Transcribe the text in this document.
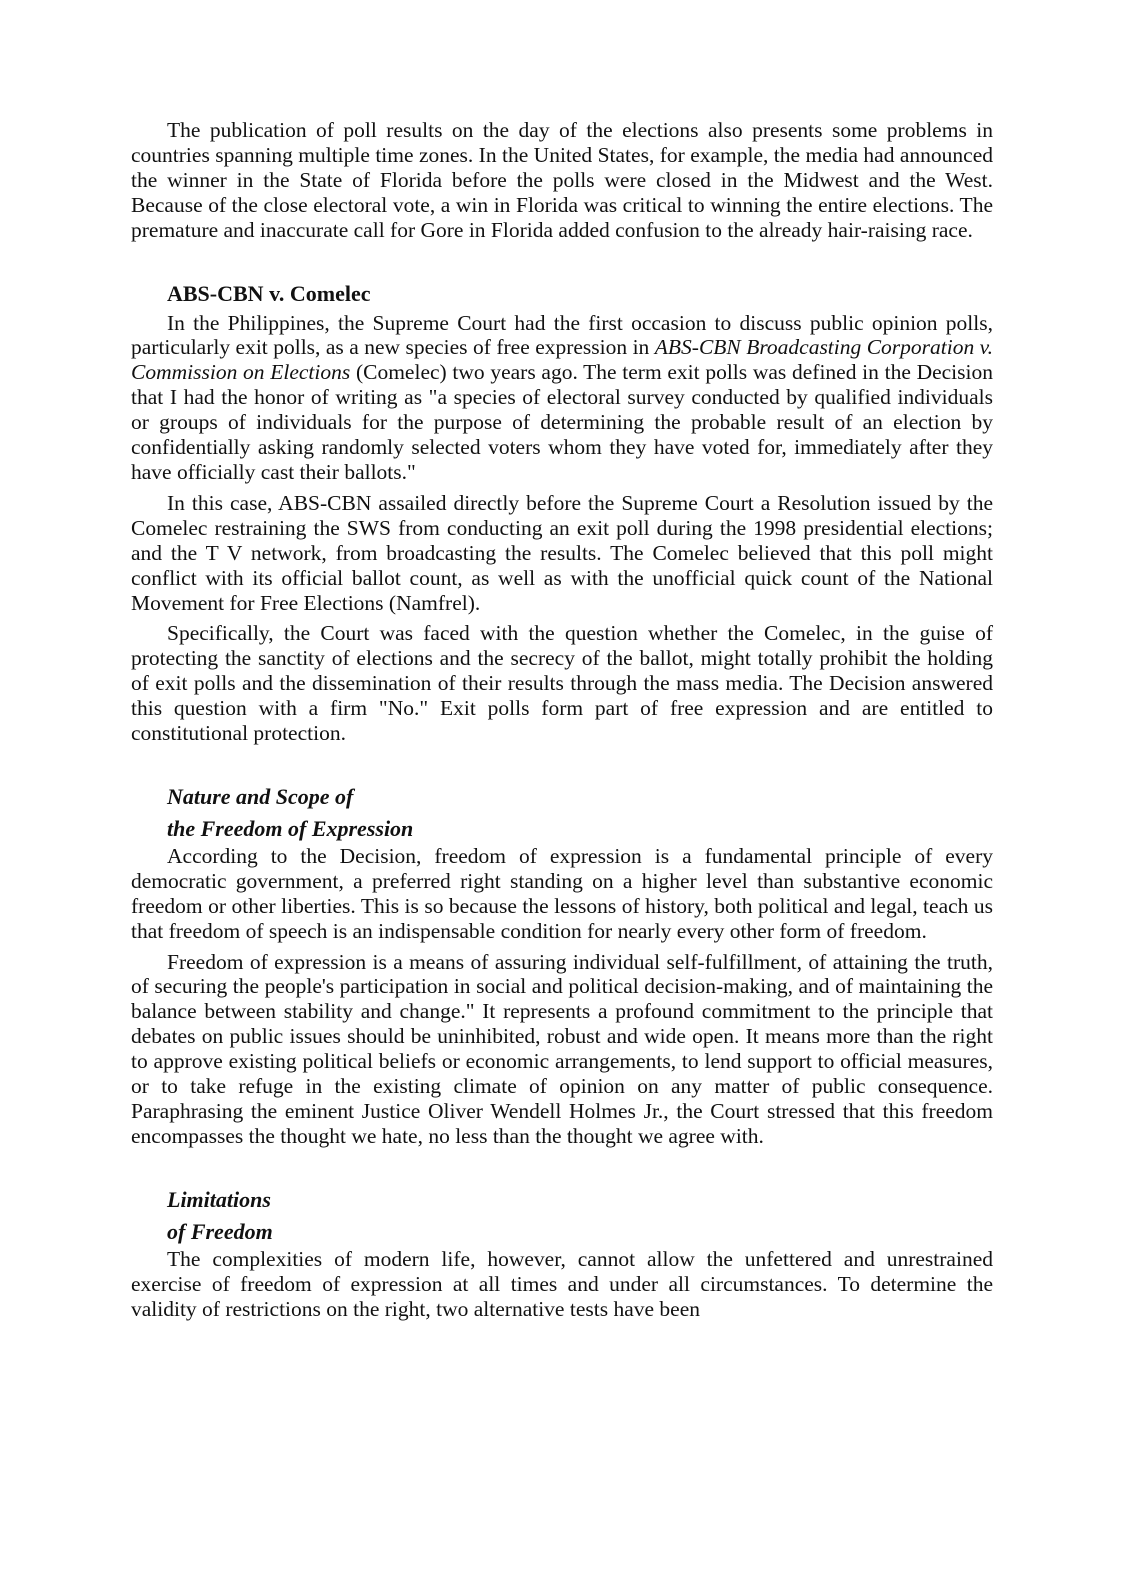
The publication of poll results on the day of the elections also presents some problems in countries spanning multiple time zones. In the United States, for example, the media had announced the winner in the State of Florida before the polls were closed in the Midwest and the West. Because of the close electoral vote, a win in Florida was critical to winning the entire elections. The premature and inaccurate call for Gore in Florida added confusion to the already hair-raising race.

ABS-CBN v. Comelec

In the Philippines, the Supreme Court had the first occasion to discuss public opinion polls, particularly exit polls, as a new species of free expression in ABS-CBN Broadcasting Corporation v. Commission on Elections (Comelec) two years ago. The term exit polls was defined in the Decision that I had the honor of writing as "a species of electoral survey conducted by qualified individuals or groups of individuals for the purpose of determining the probable result of an election by confidentially asking randomly selected voters whom they have voted for, immediately after they have officially cast their ballots."

In this case, ABS-CBN assailed directly before the Supreme Court a Resolution issued by the Comelec restraining the SWS from conducting an exit poll during the 1998 presidential elections; and the T V network, from broadcasting the results. The Comelec believed that this poll might conflict with its official ballot count, as well as with the unofficial quick count of the National Movement for Free Elections (Namfrel).

Specifically, the Court was faced with the question whether the Comelec, in the guise of protecting the sanctity of elections and the secrecy of the ballot, might totally prohibit the holding of exit polls and the dissemination of their results through the mass media. The Decision answered this question with a firm "No." Exit polls form part of free expression and are entitled to constitutional protection.

Nature and Scope of
the Freedom of Expression

According to the Decision, freedom of expression is a fundamental principle of every democratic government, a preferred right standing on a higher level than substantive economic freedom or other liberties. This is so because the lessons of history, both political and legal, teach us that freedom of speech is an indispensable condition for nearly every other form of freedom.

Freedom of expression is a means of assuring individual self-fulfillment, of attaining the truth, of securing the people's participation in social and political decision-making, and of maintaining the balance between stability and change." It represents a profound commitment to the principle that debates on public issues should be uninhibited, robust and wide open. It means more than the right to approve existing political beliefs or economic arrangements, to lend support to official measures, or to take refuge in the existing climate of opinion on any matter of public consequence. Paraphrasing the eminent Justice Oliver Wendell Holmes Jr., the Court stressed that this freedom encompasses the thought we hate, no less than the thought we agree with.

Limitations
of Freedom

The complexities of modern life, however, cannot allow the unfettered and unrestrained exercise of freedom of expression at all times and under all circumstances. To determine the validity of restrictions on the right, two alternative tests have been
